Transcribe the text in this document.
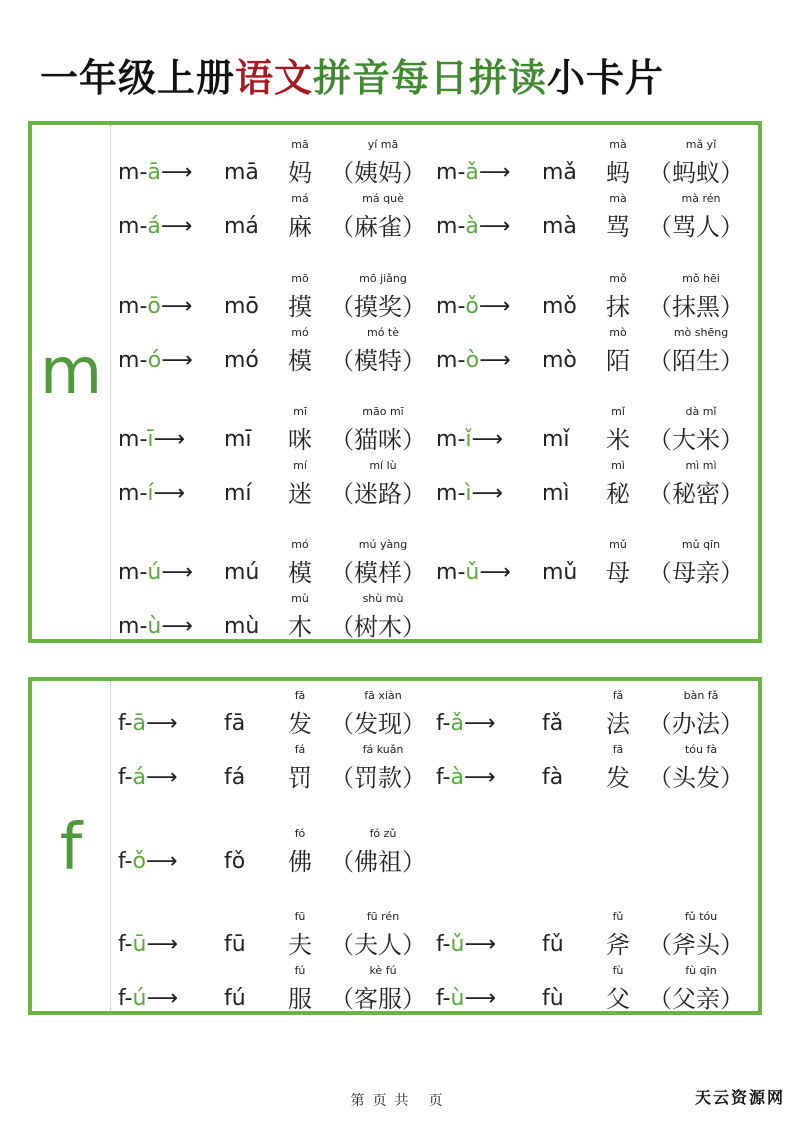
一年级上册语文拼音每日拼读小卡片
m
m-ā⟶ mā
mā
妈
yí mā
（姨妈） m-ǎ⟶ mǎ
mà
蚂
mǎ yǐ
（蚂蚁）
m-á⟶ má
má
麻
má què
（麻雀） m-à⟶ mà
mà
骂
mà rén
（骂人）
m-ō⟶ mō
mō
摸
mō jiǎng
（摸奖） m-ǒ⟶ mǒ
mǒ
抹
mǒ hēi
（抹黑）
m-ó⟶ mó
mó
模
mó tè
（模特） m-ò⟶ mò
mò
陌
mò shēng
（陌生）
m-ī⟶ mī
mī
咪
māo mī
（猫咪） m-ǐ⟶ mǐ
mǐ
米
dà mǐ
（大米）
m-í⟶ mí
mí
迷
mí lù
（迷路） m-ì⟶ mì
mì
秘
mì mì
（秘密）
m-ú⟶ mú
mó
模
mú yàng
（模样） m-ǔ⟶ mǔ
mǔ
母
mǔ qīn
（母亲）
m-ù⟶ mù
mù
木
shù mù
（树木）
f
f-ā⟶ fā
fā
发
fā xiàn
（发现） f-ǎ⟶ fǎ
fǎ
法
bàn fǎ
（办法）
f-á⟶ fá
fá
罚
fá kuǎn
（罚款） f-à⟶ fà
fā
发
tóu fà
（头发）
f-ǒ⟶ fǒ
fó
佛
fó zǔ
（佛祖）
f-ū⟶ fū
fū
夫
fū rén
（夫人） f-ǔ⟶ fǔ
fǔ
斧
fǔ tóu
（斧头）
f-ú⟶ fú
fú
服
kè fú
（客服） f-ù⟶ fù
fù
父
fù qīn
（父亲）
第 页 共 页	天云资源网
